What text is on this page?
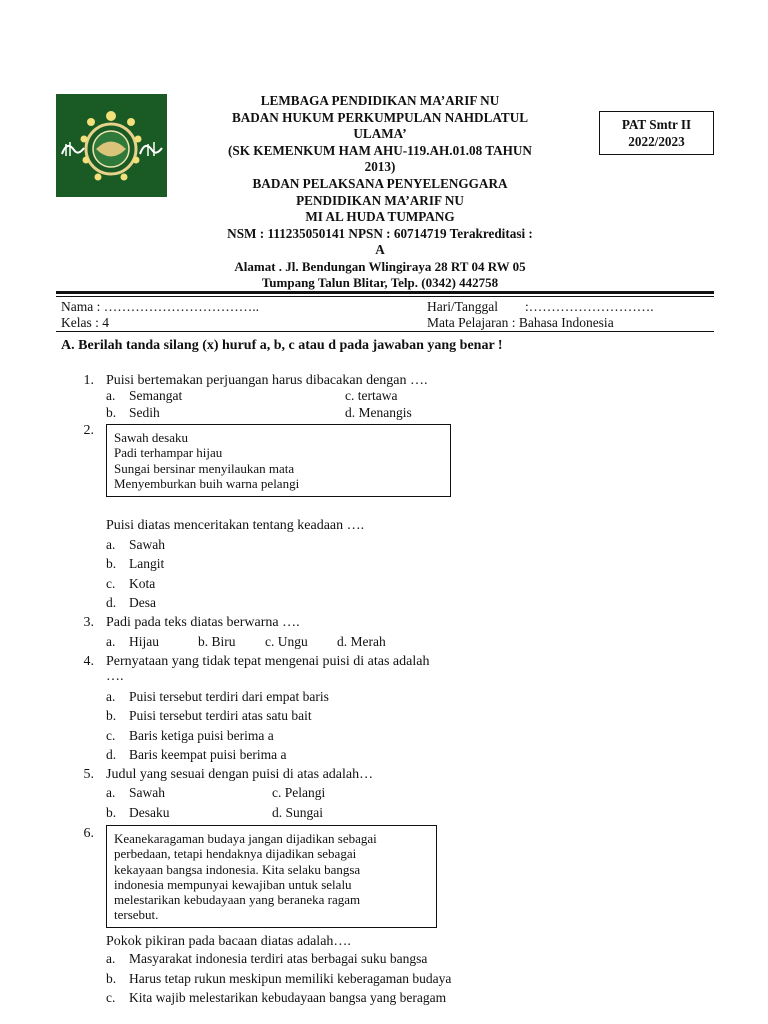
LEMBAGA PENDIDIKAN MA’ARIF NU
BADAN HUKUM PERKUMPULAN NAHDLATUL
ULAMA’
(SK KEMENKUM HAM AHU-119.AH.01.08 TAHUN
2013)
BADAN PELAKSANA PENYELENGGARA
PENDIDIKAN MA’ARIF NU
MI AL HUDA TUMPANG
NSM : 111235050141 NPSN : 60714719 Terakreditasi :
A
PAT Smtr II
2022/2023
Alamat . Jl. Bendungan Wlingiraya 28 RT 04 RW 05
Tumpang Talun Blitar, Telp. (0342) 442758
Nama : ……………………………..
Kelas : 4
Hari/Tanggal :……………………….
Mata Pelajaran : Bahasa Indonesia
A. Berilah tanda silang (x) huruf a, b, c atau d pada jawaban yang benar !
1. Puisi bertemakan perjuangan harus dibacakan dengan ….
a. Semangat	c. tertawa
b. Sedih	d. Menangis
2. Sawah desaku
Padi terhampar hijau
Sungai bersinar menyilaukan mata
Menyemburkan buih warna pelangi
Puisi diatas menceritakan tentang keadaan ….
a. Sawah
b. Langit
c. Kota
d. Desa
3. Padi pada teks diatas berwarna ….
a. Hijau	b. Biru c. Ungu d. Merah
4. Pernyataan yang tidak tepat mengenai puisi di atas adalah
….
a. Puisi tersebut terdiri dari empat baris
b. Puisi tersebut terdiri atas satu bait
c. Baris ketiga puisi berima a
d. Baris keempat puisi berima a
5. Judul yang sesuai dengan puisi di atas adalah…
a. Sawah	c. Pelangi
b. Desaku	d. Sungai
6. Keanekaragaman budaya jangan dijadikan sebagai
perbedaan, tetapi hendaknya dijadikan sebagai
kekayaan bangsa indonesia. Kita selaku bangsa
indonesia mempunyai kewajiban untuk selalu
melestarikan kebudayaan yang beraneka ragam
tersebut.
Pokok pikiran pada bacaan diatas adalah….
a. Masyarakat indonesia terdiri atas berbagai suku bangsa
b. Harus tetap rukun meskipun memiliki keberagaman budaya
c. Kita wajib melestarikan kebudayaan bangsa yang beragam
